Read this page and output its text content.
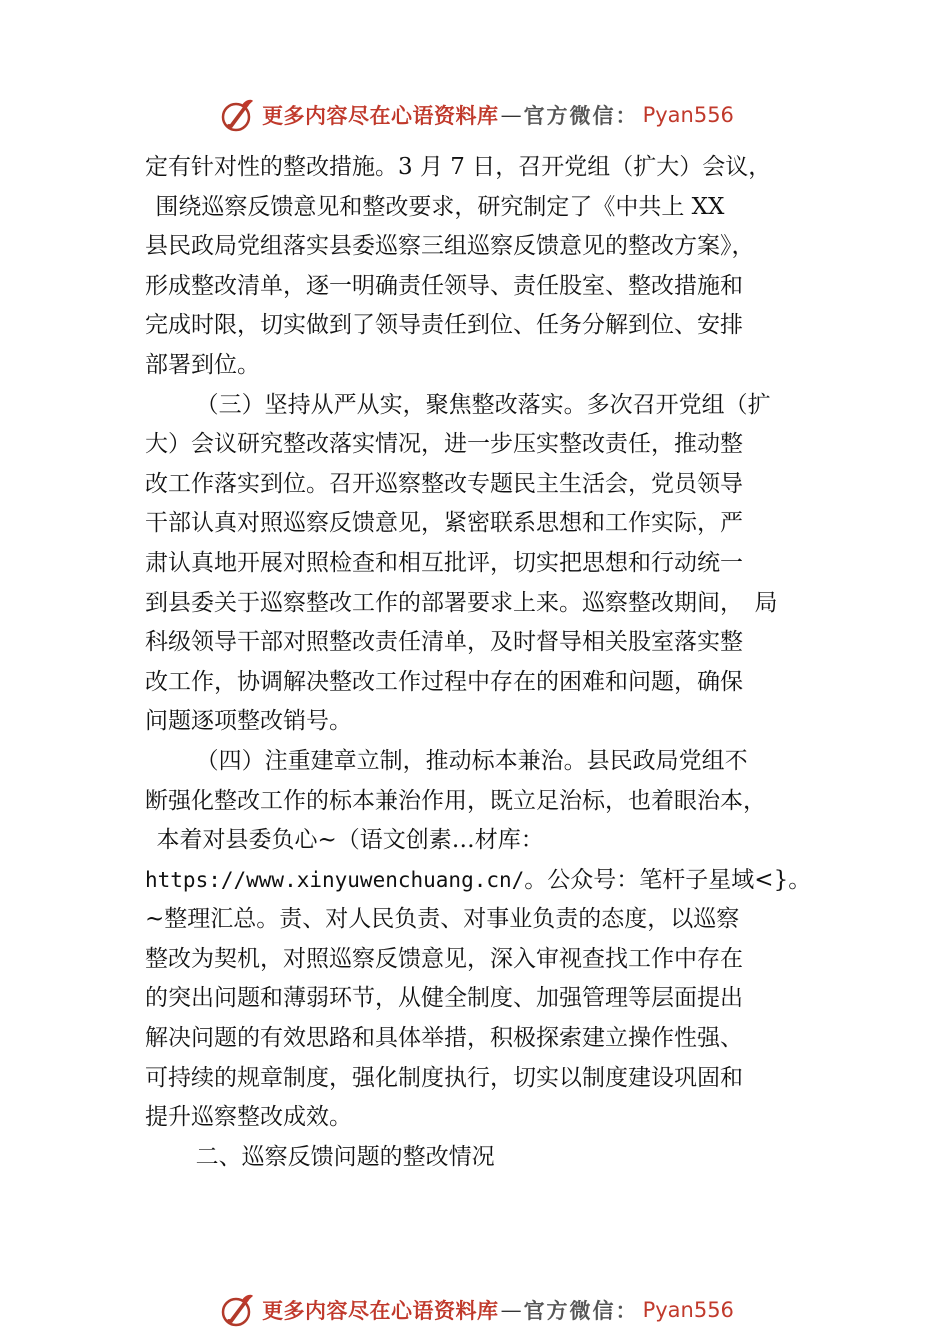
更多内容尽在心语资料库 — 官方微信： Pyan556
定有针对性的整改措施。3 月 7 日，召开党组（扩大）会议，
围绕巡察反馈意见和整改要求，研究制定了《中共上 XX
县民政局党组落实县委巡察三组巡察反馈意见的整改方案》，
形成整改清单，逐一明确责任领导、责任股室、整改措施和
完成时限，切实做到了领导责任到位、任务分解到位、安排
部署到位。
（三）坚持从严从实，聚焦整改落实。多次召开党组（扩
大）会议研究整改落实情况，进一步压实整改责任，推动整
改工作落实到位。召开巡察整改专题民主生活会，党员领导
干部认真对照巡察反馈意见，紧密联系思想和工作实际，严
肃认真地开展对照检查和相互批评，切实把思想和行动统一
到县委关于巡察整改工作的部署要求上来。巡察整改期间，　局
科级领导干部对照整改责任清单，及时督导相关股室落实整
改工作，协调解决整改工作过程中存在的困难和问题，确保
问题逐项整改销号。
（四）注重建章立制，推动标本兼治。县民政局党组不
断强化整改工作的标本兼治作用，既立足治标，也着眼治本，
本着对县委负心~（语文创素…材库：
https://www.xinyuwenchuang.cn/。公众号：笔杆子星域<}。
~整理汇总。责、对人民负责、对事业负责的态度，以巡察
整改为契机，对照巡察反馈意见，深入审视查找工作中存在
的突出问题和薄弱环节，从健全制度、加强管理等层面提出
解决问题的有效思路和具体举措，积极探索建立操作性强、
可持续的规章制度，强化制度执行，切实以制度建设巩固和
提升巡察整改成效。
二、巡察反馈问题的整改情况
更多内容尽在心语资料库 — 官方微信： Pyan556
